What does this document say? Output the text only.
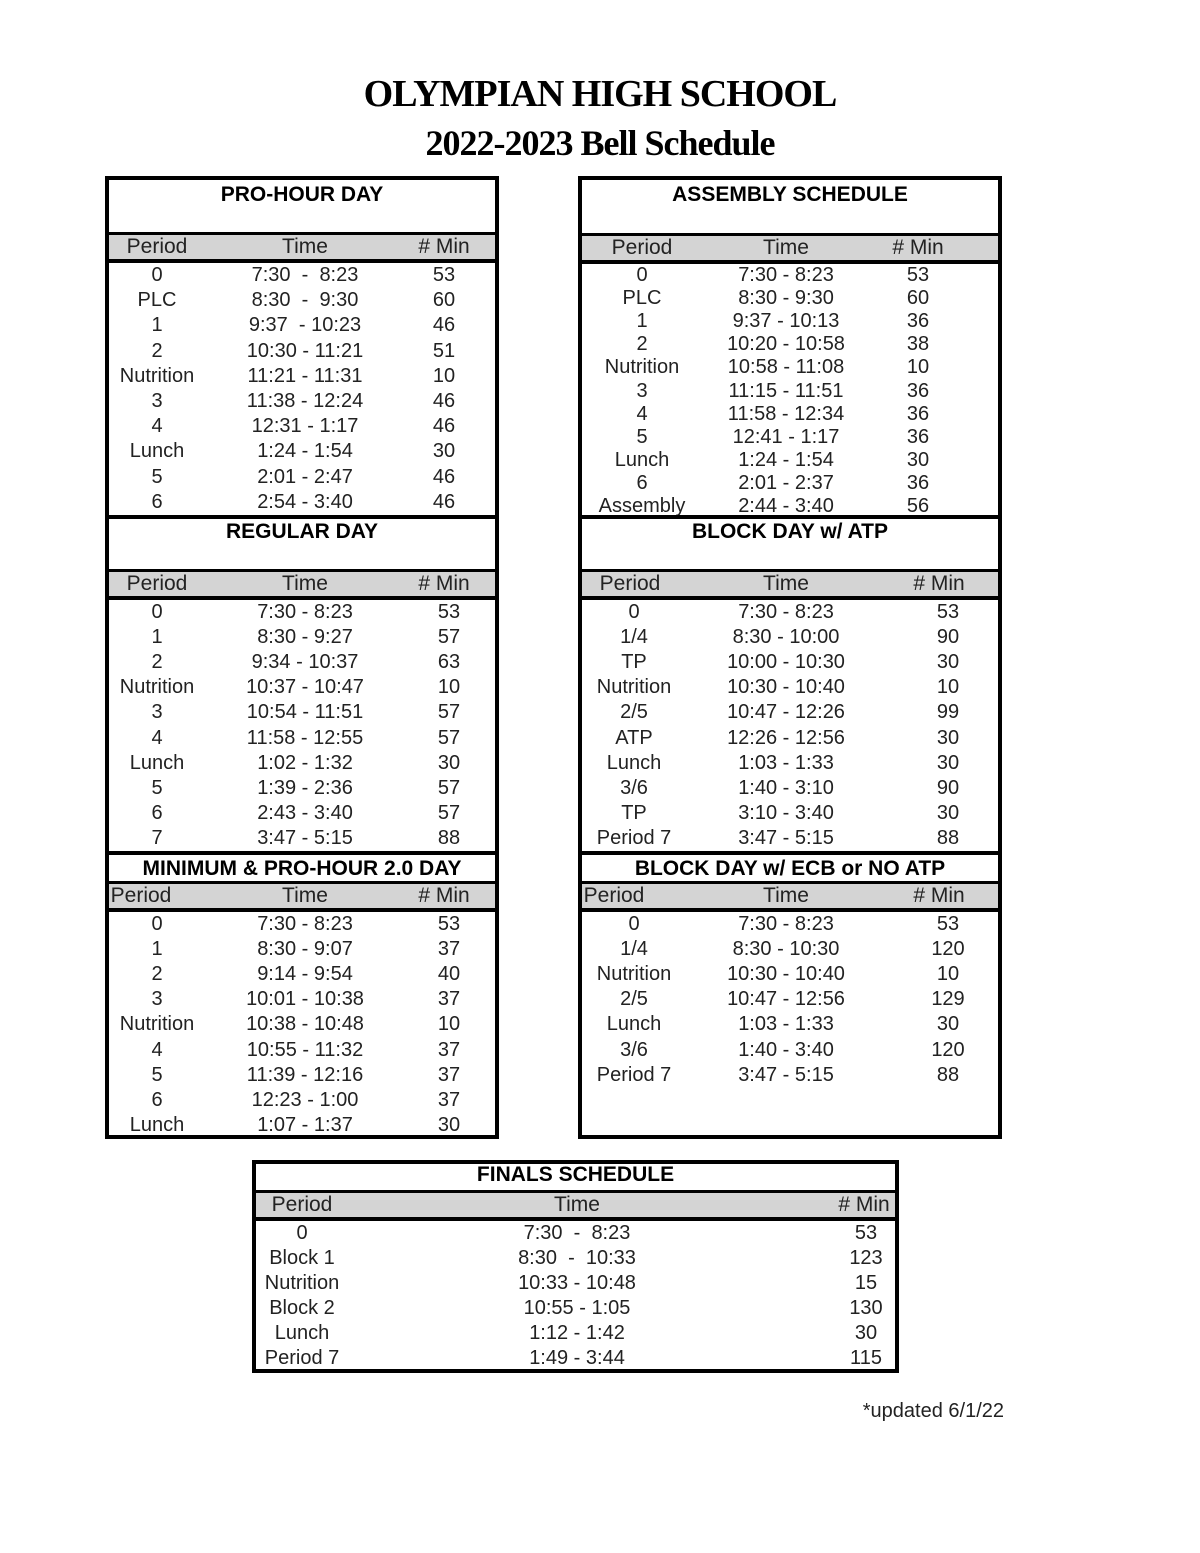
OLYMPIAN HIGH SCHOOL
2022-2023 Bell Schedule
PRO-HOUR DAY
Period	Time	# Min
0	7:30  -  8:23	53
PLC	8:30  -  9:30	60
1	9:37  - 10:23	46
2	10:30 - 11:21	51
Nutrition	11:21 - 11:31	10
3	11:38 - 12:24	46
4	12:31 - 1:17	46
Lunch	1:24 - 1:54	30
5	2:01 - 2:47	46
6	2:54 - 3:40	46
REGULAR DAY
Period	Time	# Min
0	7:30 - 8:23	53
1	8:30 - 9:27	57
2	9:34 - 10:37	63
Nutrition	10:37 - 10:47	10
3	10:54 - 11:51	57
4	11:58 - 12:55	57
Lunch	1:02 - 1:32	30
5	1:39 - 2:36	57
6	2:43 - 3:40	57
7	3:47 - 5:15	88
MINIMUM & PRO-HOUR 2.0 DAY
Period	Time	# Min
0	7:30 - 8:23	53
1	8:30 - 9:07	37
2	9:14 - 9:54	40
3	10:01 - 10:38	37
Nutrition	10:38 - 10:48	10
4	10:55 - 11:32	37
5	11:39 - 12:16	37
6	12:23 - 1:00	37
Lunch	1:07 - 1:37	30
ASSEMBLY SCHEDULE
Period	Time	# Min
0	7:30 - 8:23	53
PLC	8:30 - 9:30	60
1	9:37 - 10:13	36
2	10:20 - 10:58	38
Nutrition 10:58 - 11:08	10
3	11:15 - 11:51	36
4	11:58 - 12:34	36
5	12:41 - 1:17	36
Lunch	1:24 - 1:54	30
6	2:01 - 2:37	36
Assembly	2:44 - 3:40	56
BLOCK DAY w/ ATP
Period	Time	# Min
0	7:30 - 8:23	53
1/4	8:30 - 10:00	90
TP	10:00 - 10:30	30
Nutrition	10:30 - 10:40	10
2/5	10:47 - 12:26	99
ATP	12:26 - 12:56	30
Lunch	1:03 - 1:33	30
3/6	1:40 - 3:10	90
TP	3:10 - 3:40	30
Period 7	3:47 - 5:15	88
BLOCK DAY w/ ECB or NO ATP
Period	Time	# Min
0	7:30 - 8:23	53
1/4	8:30 - 10:30	120
Nutrition	10:30 - 10:40	10
2/5	10:47 - 12:56	129
Lunch	1:03 - 1:33	30
3/6	1:40 - 3:40	120
Period 7	3:47 - 5:15	88
FINALS SCHEDULE
Period	Time	# Min
0	7:30  -  8:23	53
Block 1	8:30  -  10:33	123
Nutrition	10:33 - 10:48	15
Block 2	10:55 - 1:05	130
Lunch	1:12 - 1:42	30
Period 7	1:49 - 3:44	115
*updated 6/1/22
